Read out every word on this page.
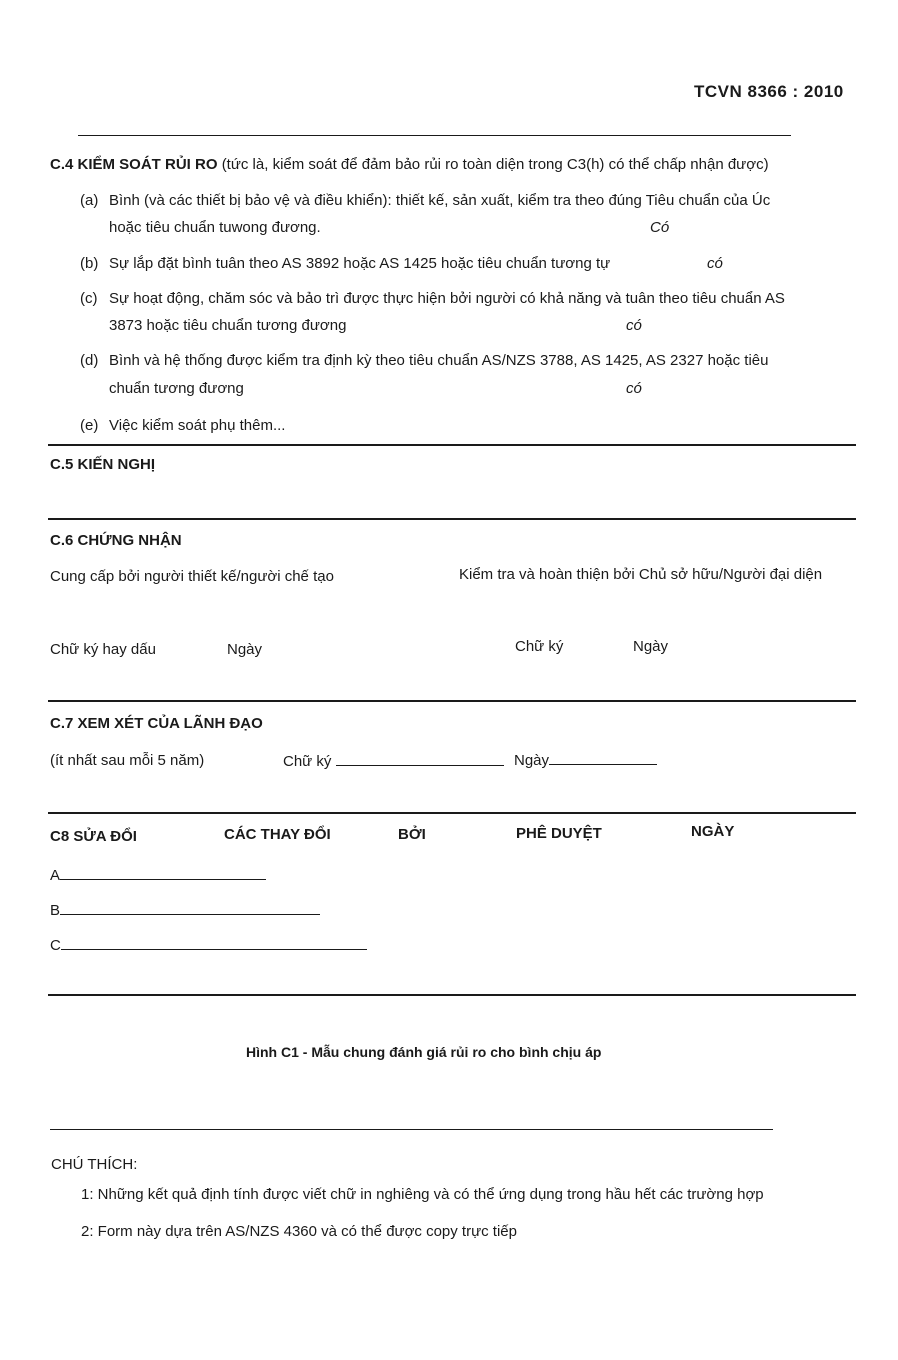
TCVN 8366 : 2010
C.4 KIỂM SOÁT RỦI RO (tức là, kiểm soát để đảm bảo rủi ro toàn diện trong C3(h) có thể chấp nhận được)
(a) Bình (và các thiết bị bảo vệ và điều khiển): thiết kế, sản xuất, kiểm tra theo đúng Tiêu chuẩn của Úc
hoặc tiêu chuẩn tuwong đương.	Có
(b) Sự lắp đặt bình tuân theo AS 3892 hoặc AS 1425 hoặc tiêu chuẩn tương tự	có
(c) Sự hoạt động, chăm sóc và bảo trì được thực hiện bởi người có khả năng và tuân theo tiêu chuẩn AS
3873 hoặc tiêu chuẩn tương đương	có
(d) Bình và hệ thống được kiểm tra định kỳ theo tiêu chuẩn AS/NZS 3788, AS 1425, AS 2327 hoặc tiêu
chuẩn tương đương	có
(e) Việc kiểm soát phụ thêm...
C.5 KIẾN NGHỊ
C.6 CHỨNG NHẬN
Cung cấp bởi người thiết kế/người chế tạo	Kiểm tra và hoàn thiện bởi Chủ sở hữu/Người đại diện
Chữ ký hay dấu	Ngày	Chữ ký	Ngày
C.7 XEM XÉT CỦA LÃNH ĐẠO
(ít nhất sau mỗi 5 năm)	Chữ ký	Ngày
C8 SỬA ĐỔI	CÁC THAY ĐỔI	BỞI	PHÊ DUYỆT	NGÀY
A
B
C
Hình C1 - Mẫu chung đánh giá rủi ro cho bình chịu áp
CHÚ THÍCH:
1: Những kết quả định tính được viết chữ in nghiêng và có thể ứng dụng trong hầu hết các trường hợp
2: Form này dựa trên AS/NZS 4360 và có thể được copy trực tiếp
